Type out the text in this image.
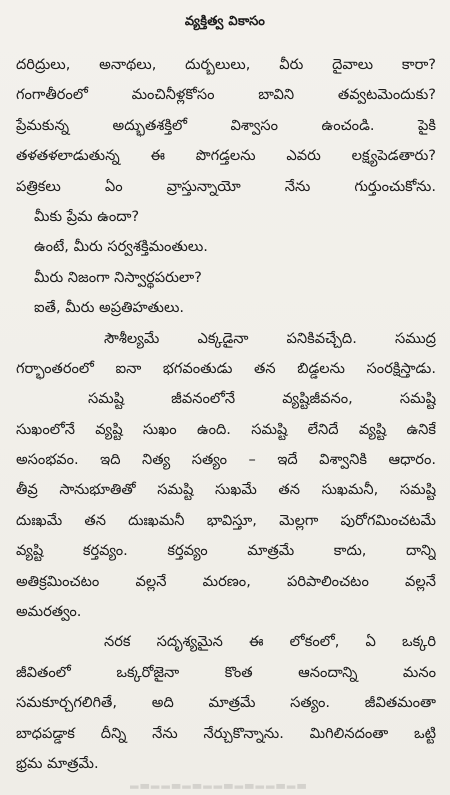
వ్యక్తిత్వ వికాసం
దరిద్రులు, అనాథలు, దుర్బలులు, వీరు దైవాలు కారా?
గంగాతీరంలో మంచినీళ్లకోసం బావిని తవ్వటమెందుకు?
ప్రేమకున్న అద్భుతశక్తిలో విశ్వాసం ఉంచండి. పైకి
తళతళలాడుతున్న ఈ పొగడ్తలను ఎవరు లక్ష్యపెడతారు?
పత్రికలు ఏం వ్రాస్తున్నాయో నేను గుర్తుంచుకోను.
మీకు ప్రేమ ఉందా?
ఉంటే, మీరు సర్వశక్తిమంతులు.
మీరు నిజంగా నిస్వార్థపరులా?
ఐతే, మీరు అప్రతిహతులు.
సౌశీల్యమే ఎక్కడైనా పనికివచ్చేది. సముద్ర
గర్భాంతరంలో ఐనా భగవంతుడు తన బిడ్డలను సంరక్షిస్తాడు.
సమష్టి జీవనంలోనే వ్యష్టిజీవనం, సమష్టి
సుఖంలోనే వ్యష్టి సుఖం ఉంది. సమష్టి లేనిదే వ్యష్టి ఉనికే
అసంభవం. ఇది నిత్య సత్యం – ఇదే విశ్వానికి ఆధారం.
తీవ్ర సానుభూతితో సమష్టి సుఖమే తన సుఖమనీ, సమష్టి
దుఃఖమే తన దుఃఖమనీ భావిస్తూ, మెల్లగా పురోగమించటమే
వ్యష్టి కర్తవ్యం. కర్తవ్యం మాత్రమే కాదు, దాన్ని
అతిక్రమించటం వల్లనే మరణం, పరిపాలించటం వల్లనే
అమరత్వం.
నరక సదృశ్యమైన ఈ లోకంలో, ఏ ఒక్కరి
జీవితంలో ఒక్కరోజైనా కొంత ఆనందాన్ని మనం
సమకూర్చగలిగితే, అది మాత్రమే సత్యం. జీవితమంతా
బాధపడ్డాక దీన్ని నేను నేర్చుకొన్నాను. మిగిలినదంతా ఒట్టి
భ్రమ మాత్రమే.
▂▃▂▂▃▂▃▂▂▃▂▃▂▂▃▂▃
